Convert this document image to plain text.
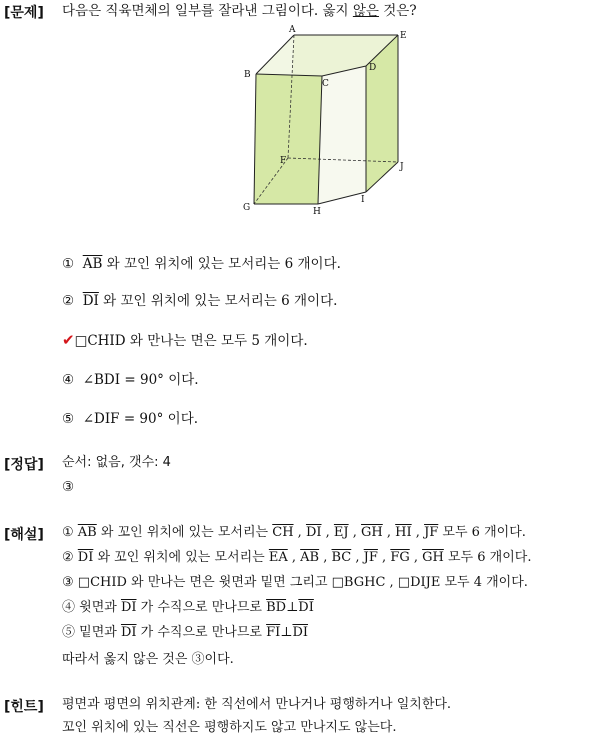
[문제] 다음은 직육면체의 일부를 잘라낸 그림이다. 옳지 않은 것은?
A
E
B
C
D
F
J
G	H
I
① $\overline{AB}$ 와 꼬인 위치에 있는 모서리는 6 개이다.
② $\overline{DI}$ 와 꼬인 위치에 있는 모서리는 6 개이다.
✔□CHID 와 만나는 면은 모두 5 개이다.
④ ∠BDI = 90° 이다.
⑤ ∠DIF = 90° 이다.
[정답] 순서: 없음, 갯수: 4
③
[해설] ① $\overline{AB}$ 와 꼬인 위치에 있는 모서리는 $\overline{CH}$ , $\overline{DI}$ , $\overline{EJ}$ , $\overline{GH}$ , $\overline{HI}$ , $\overline{JF}$ 모두 6 개이다.
② $\overline{DI}$ 와 꼬인 위치에 있는 모서리는 $\overline{EA}$ , $\overline{AB}$ , $\overline{BC}$ , $\overline{JF}$ , $\overline{FG}$ , $\overline{GH}$ 모두 6 개이다.
③ □CHID 와 만나는 면은 윗면과 밑면 그리고 □BGHC , □DIJE 모두 4 개이다.
④ 윗면과 $\overline{DI}$ 가 수직으로 만나므로 $\overline{BD}\perp\overline{DI}$
⑤ 밑면과 $\overline{DI}$ 가 수직으로 만나므로 $\overline{FI}\perp\overline{DI}$
따라서 옳지 않은 것은 ③이다.
[힌트] 평면과 평면의 위치관계: 한 직선에서 만나거나 평행하거나 일치한다.
꼬인 위치에 있는 직선은 평행하지도 않고 만나지도 않는다.
